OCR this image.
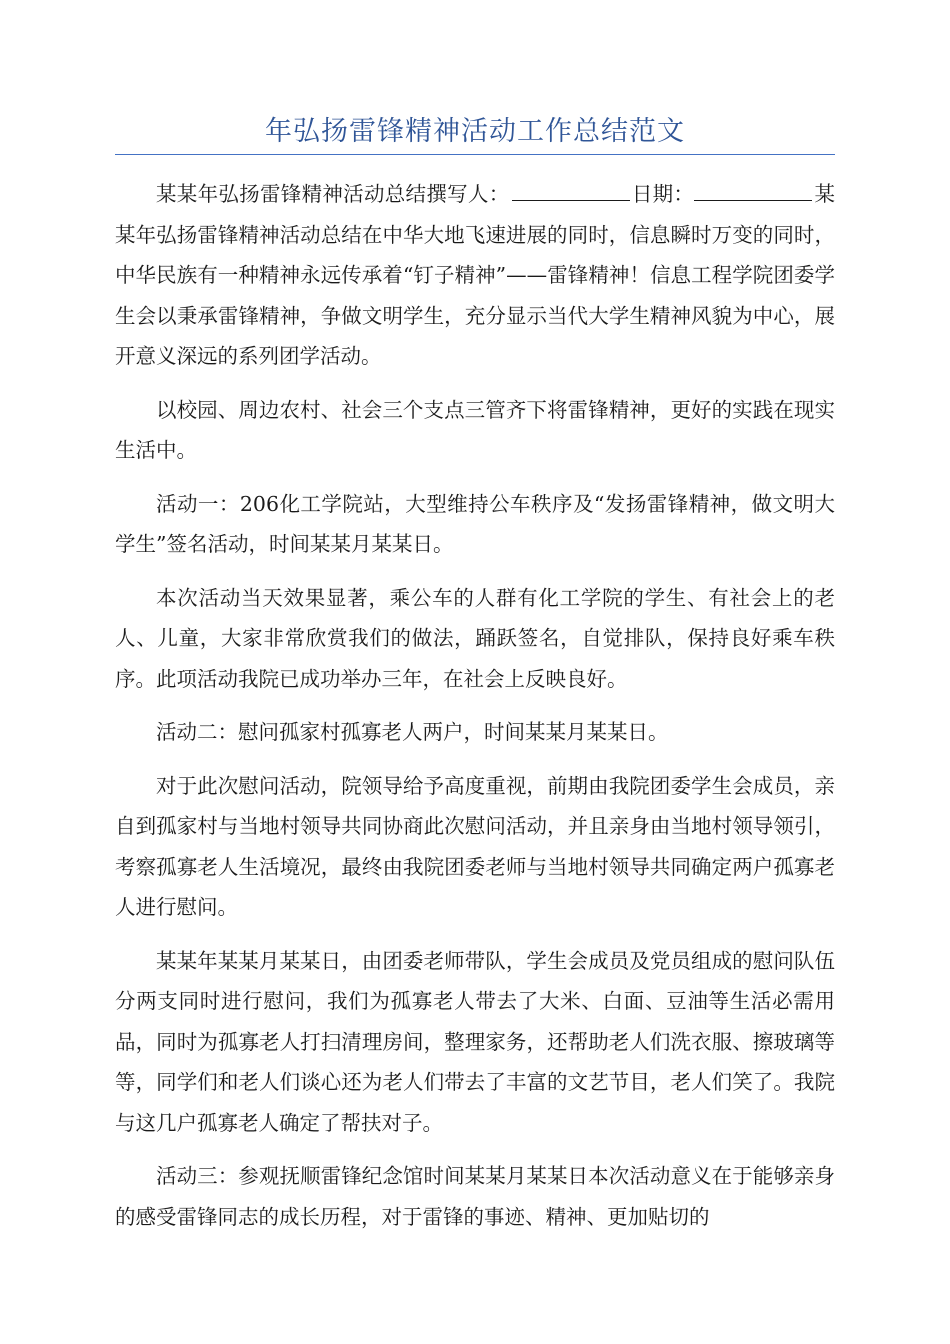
年弘扬雷锋精神活动工作总结范文

某某年弘扬雷锋精神活动总结撰写人：	日期：	某某年弘扬雷锋精神活动总结在中华大地飞速进展的同时，信息瞬时万变的同时，中华民族有一种精神永远传承着“钉子精神”——雷锋精神！信息工程学院团委学生会以秉承雷锋精神，争做文明学生，充分显示当代大学生精神风貌为中心，展开意义深远的系列团学活动。

以校园、周边农村、社会三个支点三管齐下将雷锋精神，更好的实践在现实生活中。

活动一：206化工学院站，大型维持公车秩序及“发扬雷锋精神，做文明大学生”签名活动，时间某某月某某日。

本次活动当天效果显著，乘公车的人群有化工学院的学生、有社会上的老人、儿童，大家非常欣赏我们的做法，踊跃签名，自觉排队，保持良好乘车秩序。此项活动我院已成功举办三年，在社会上反映良好。

活动二：慰问孤家村孤寡老人两户，时间某某月某某日。

对于此次慰问活动，院领导给予高度重视，前期由我院团委学生会成员，亲自到孤家村与当地村领导共同协商此次慰问活动，并且亲身由当地村领导领引，考察孤寡老人生活境况，最终由我院团委老师与当地村领导共同确定两户孤寡老人进行慰问。

某某年某某月某某日，由团委老师带队，学生会成员及党员组成的慰问队伍分两支同时进行慰问，我们为孤寡老人带去了大米、白面、豆油等生活必需用品，同时为孤寡老人打扫清理房间，整理家务，还帮助老人们洗衣服、擦玻璃等等，同学们和老人们谈心还为老人们带去了丰富的文艺节目，老人们笑了。我院与这几户孤寡老人确定了帮扶对子。

活动三：参观抚顺雷锋纪念馆时间某某月某某日本次活动意义在于能够亲身的感受雷锋同志的成长历程，对于雷锋的事迹、精神、更加贴切的
